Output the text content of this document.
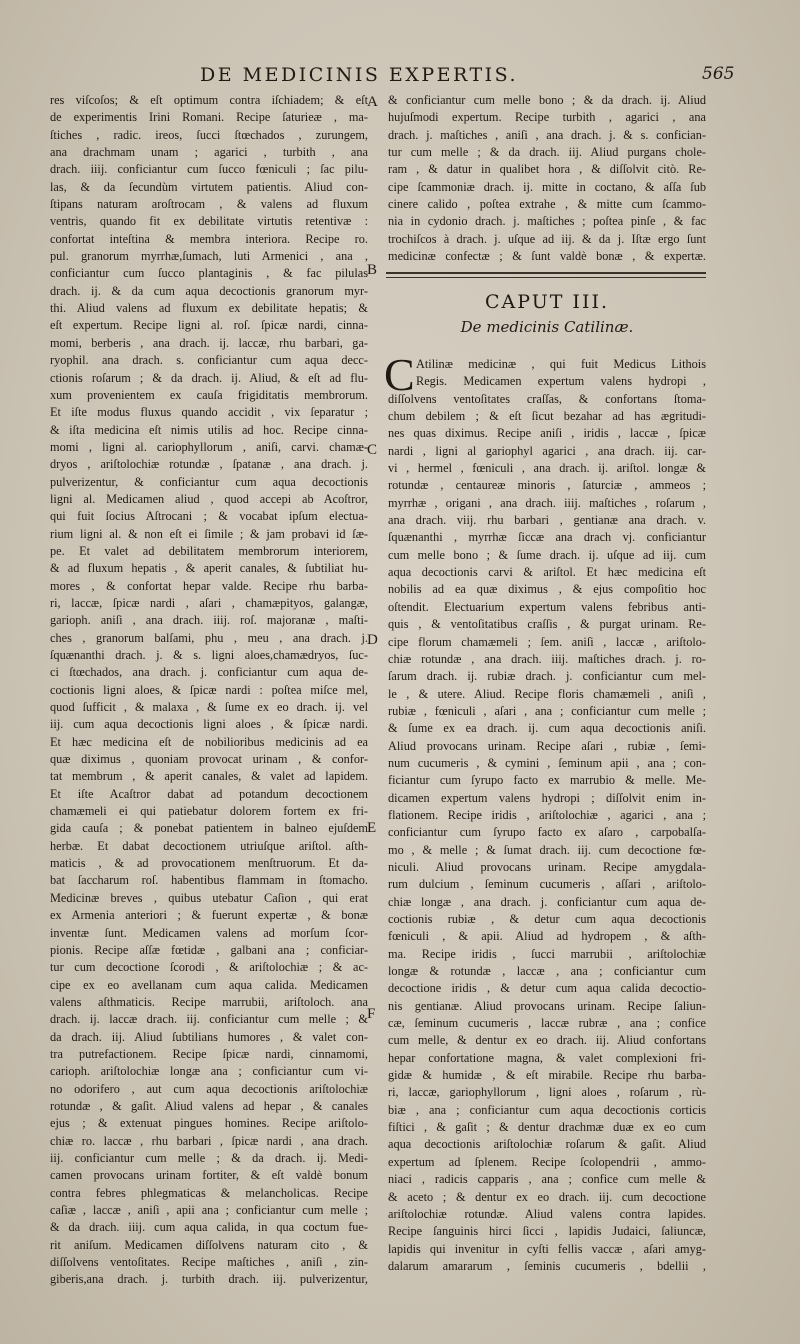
DE MEDICINIS EXPERTIS.	565
res viſcoſos; & eſt optimum contra iſchiadem; & eſt
de experimentis Irini Romani. Recipe ſaturieæ , ma-
ſtiches , radic. ireos, ſucci ſtœchados , zurungem,
ana drachmam unam ; agarici , turbith , ana
drach. iiij. conficiantur cum ſucco fœniculi ; ſac pilu-
las, & da ſecundùm virtutem patientis. Aliud con-
ſtipans naturam aroſtrocam , & valens ad fluxum
ventris, quando fit ex debilitate virtutis retentivæ :
confortat inteſtina & membra interiora. Recipe ro.
pul. granorum myrrhæ,ſumach, luti Armenici , ana ,
conficiantur cum ſucco plantaginis , & fac pilulas
drach. ij. & da cum aqua decoctionis granorum myr-
thi. Aliud valens ad fluxum ex debilitate hepatis; &
eſt expertum. Recipe ligni al. roſ. ſpicæ nardi, cinna-
momi, berberis , ana drach. ij. laccæ, rhu barbari, ga-
ryophil. ana drach. s. conficiantur cum aqua decc-
ctionis roſarum ; & da drach. ij. Aliud, & eſt ad flu-
xum provenientem ex cauſa frigiditatis membrorum.
Et iſte modus fluxus quando accidit , vix ſeparatur ;
& iſta medicina eſt nimis utilis ad hoc. Recipe cinna-
momi , ligni al. cariophyllorum , aniſi, carvi. chamæ-
dryos , ariſtolochiæ rotundæ , ſpatanæ , ana drach. j.
pulverizentur, & conficiantur cum aqua decoctionis
ligni al. Medicamen aliud , quod accepi ab Acoſtror,
qui fuit ſocius Aſtrocani ; & vocabat ipſum electua-
rium ligni al. & non eſt ei ſimile ; & jam probavi id ſæ-
pe. Et valet ad debilitatem membrorum interiorem,
& ad fluxum hepatis , & aperit canales, & ſubtiliat hu-
mores , & confortat hepar valde. Recipe rhu barba-
ri, laccæ, ſpicæ nardi , aſari , chamæpityos, galangæ,
garioph. aniſi , ana drach. iiij. roſ. majoranæ , maſti-
ches , granorum balſami, phu , meu , ana drach. j.
ſquænanthi drach. j. & s. ligni aloes,chamædryos, ſuc-
ci ſtœchados, ana drach. j. conficiantur cum aqua de-
coctionis ligni aloes, & ſpicæ nardi : poſtea miſce mel,
quod ſufficit , & malaxa , & ſume ex eo drach. ij. vel
iij. cum aqua decoctionis ligni aloes , & ſpicæ nardi.
Et hæc medicina eſt de nobilioribus medicinis ad ea
quæ diximus , quoniam provocat urinam , & confor-
tat membrum , & aperit canales, & valet ad lapidem.
Et iſte Acaſtror dabat ad potandum decoctionem
chamæmeli ei qui patiebatur dolorem fortem ex fri-
gida cauſa ; & ponebat patientem in balneo ejuſdem
herbæ. Et dabat decoctionem utriuſque ariſtol. aſth-
maticis , & ad provocationem menſtruorum. Et da-
bat ſaccharum roſ. habentibus flammam in ſtomacho.
Medicinæ breves , quibus utebatur Caſion , qui erat
ex Armenia anteriori ; & fuerunt expertæ , & bonæ
inventæ ſunt. Medicamen valens ad morſum ſcor-
pionis. Recipe aſſæ fœtidæ , galbani ana ; conficiar-
tur cum decoctione ſcorodi , & ariſtolochiæ ; & ac-
cipe ex eo avellanam cum aqua calida. Medicamen
valens aſthmaticis. Recipe marrubii, ariſtoloch. ana
drach. ij. laccæ drach. iij. conficiantur cum melle ; &
da drach. iij. Aliud ſubtilians humores , & valet con-
tra putrefactionem. Recipe ſpicæ nardi, cinnamomi,
carioph. ariſtolochiæ longæ ana ; conficiantur cum vi-
no odorifero , aut cum aqua decoctionis ariſtolochiæ
rotundæ , & gaſit. Aliud valens ad hepar , & canales
ejus ; & extenuat pingues homines. Recipe ariſtolo-
chiæ ro. laccæ , rhu barbari , ſpicæ nardi , ana drach.
iij. conficiantur cum melle ; & da drach. ij. Medi-
camen provocans urinam fortiter, & eſt valdè bonum
contra febres phlegmaticas & melancholicas. Recipe
caſiæ , laccæ , aniſi , apii ana ; conficiantur cum melle ;
& da drach. iiij. cum aqua calida, in qua coctum fue-
rit aniſum. Medicamen diſſolvens naturam cito , &
diſſolvens ventoſitates. Recipe maſtiches , aniſi , zin-
giberis,ana drach. j. turbith drach. iij. pulverizentur,
& conficiantur cum melle bono ; & da drach. ij. Aliud
hujuſmodi expertum. Recipe turbith , agarici , ana
drach. j. maſtiches , aniſi , ana drach. j. & s. confician-
tur cum melle ; & da drach. iij. Aliud purgans chole-
ram , & datur in qualibet hora , & diſſolvit citò. Re-
cipe ſcammoniæ drach. ij. mitte in coctano, & aſſa ſub
cinere calido , poſtea extrahe , & mitte cum ſcammo-
nia in cydonio drach. j. maſtiches ; poſtea pinſe , & fac
trochiſcos à drach. j. uſque ad iij. & da j. Iſtæ ergo ſunt
medicinæ confectæ ; & ſunt valdè bonæ , & expertæ.
CAPUT III.
De medicinis Catilinæ.
C Atilinæ medicinæ , qui fuit Medicus Lithois
Regis. Medicamen expertum valens hydropi ,
diſſolvens ventoſitates craſſas, & confortans ſtoma-
chum debilem ; & eſt ſicut bezahar ad has ægritudi-
nes quas diximus. Recipe aniſi , iridis , laccæ , ſpicæ
nardi , ligni al gariophyl agarici , ana drach. iij. car-
vi , hermel , fœniculi , ana drach. ij. ariſtol. longæ &
rotundæ , centaureæ minoris , ſaturciæ , ammeos ;
myrrhæ , origani , ana drach. iiij. maſtiches , roſarum ,
ana drach. viij. rhu barbari , gentianæ ana drach. v.
ſquænanthi , myrrhæ ſiccæ ana drach vj. conficiantur
cum melle bono ; & ſume drach. ij. uſque ad iij. cum
aqua decoctionis carvi & ariſtol. Et hæc medicina eſt
nobilis ad ea quæ diximus , & ejus compoſitio hoc
oſtendit. Electuarium expertum valens febribus anti-
quis , & ventoſitatibus craſſis , & purgat urinam. Re-
cipe florum chamæmeli ; ſem. aniſi , laccæ , ariſtolo-
chiæ rotundæ , ana drach. iiij. maſtiches drach. j. ro-
ſarum drach. ij. rubiæ drach. j. conficiantur cum mel-
le , & utere. Aliud. Recipe floris chamæmeli , aniſi ,
rubiæ , fœniculi , aſari , ana ; conficiantur cum melle ;
& ſume ex ea drach. ij. cum aqua decoctionis aniſi.
Aliud provocans urinam. Recipe aſari , rubiæ , ſemi-
num cucumeris , & cymini , ſeminum apii , ana ; con-
ficiantur cum ſyrupo facto ex marrubio & melle. Me-
dicamen expertum valens hydropi ; diſſolvit enim in-
flationem. Recipe iridis , ariſtolochiæ , agarici , ana ;
conficiantur cum ſyrupo facto ex aſaro , carpobalſa-
mo , & melle ; & ſumat drach. iij. cum decoctione fœ-
niculi. Aliud provocans urinam. Recipe amygdala-
rum dulcium , ſeminum cucumeris , aſſari , ariſtolo-
chiæ longæ , ana drach. j. conficiantur cum aqua de-
coctionis rubiæ , & detur cum aqua decoctionis
fœniculi , & apii. Aliud ad hydropem , & aſth-
ma. Recipe iridis , ſucci marrubii , ariſtolochiæ
longæ & rotundæ , laccæ , ana ; conficiantur cum
decoctione iridis , & detur cum aqua calida decoctio-
nis gentianæ. Aliud provocans urinam. Recipe ſaliun-
cæ, ſeminum cucumeris , laccæ rubræ , ana ; confice
cum melle, & dentur ex eo drach. iij. Aliud confortans
hepar confortatione magna, & valet complexioni fri-
gidæ & humidæ , & eſt mirabile. Recipe rhu barba-
ri, laccæ, gariophyllorum , ligni aloes , roſarum , rù-
biæ , ana ; conficiantur cum aqua decoctionis corticis
fiſtici , & gaſit ; & dentur drachmæ duæ ex eo cum
aqua decoctionis ariſtolochiæ roſarum & gaſit. Aliud
expertum ad ſplenem. Recipe ſcolopendrii , ammo-
niaci , radicis capparis , ana ; confice cum melle &
& aceto ; & dentur ex eo drach. iij. cum decoctione
ariſtolochiæ rotundæ. Aliud valens contra lapides.
Recipe ſanguinis hirci ſicci , lapidis Judaici, ſaliuncæ,
lapidis qui invenitur in cyſti fellis vaccæ , aſari amyg-
dalarum amararum , ſeminis cucumeris , bdellii ,
A
B
C
D
E
F
